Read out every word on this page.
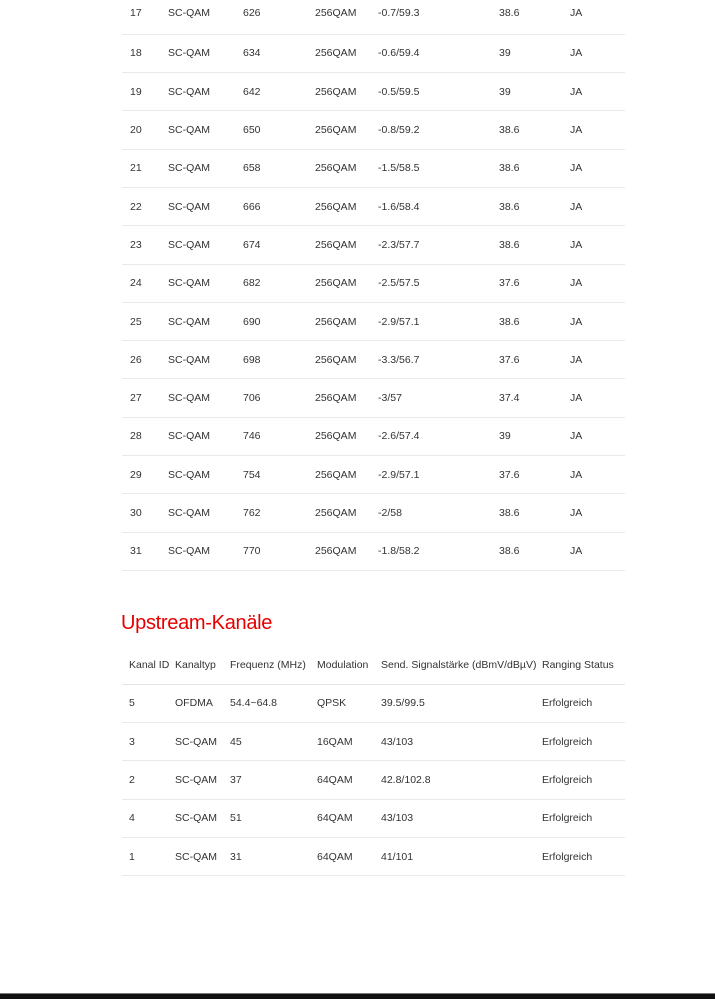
17	SC-QAM	626	256QAM	-0.7/59.3	38.6	JA
18	SC-QAM	634	256QAM	-0.6/59.4	39	JA
19	SC-QAM	642	256QAM	-0.5/59.5	39	JA
20	SC-QAM	650	256QAM	-0.8/59.2	38.6	JA
21	SC-QAM	658	256QAM	-1.5/58.5	38.6	JA
22	SC-QAM	666	256QAM	-1.6/58.4	38.6	JA
23	SC-QAM	674	256QAM	-2.3/57.7	38.6	JA
24	SC-QAM	682	256QAM	-2.5/57.5	37.6	JA
25	SC-QAM	690	256QAM	-2.9/57.1	38.6	JA
26	SC-QAM	698	256QAM	-3.3/56.7	37.6	JA
27	SC-QAM	706	256QAM	-3/57	37.4	JA
28	SC-QAM	746	256QAM	-2.6/57.4	39	JA
29	SC-QAM	754	256QAM	-2.9/57.1	37.6	JA
30	SC-QAM	762	256QAM	-2/58	38.6	JA
31	SC-QAM	770	256QAM	-1.8/58.2	38.6	JA
Upstream-Kanäle
Kanal ID	Kanaltyp	Frequenz (MHz)	Modulation	Send. Signalstärke (dBmV/dBµV)	Ranging Status
5	OFDMA	54.4~64.8	QPSK	39.5/99.5	Erfolgreich
3	SC-QAM	45	16QAM	43/103	Erfolgreich
2	SC-QAM	37	64QAM	42.8/102.8	Erfolgreich
4	SC-QAM	51	64QAM	43/103	Erfolgreich
1	SC-QAM	31	64QAM	41/101	Erfolgreich
